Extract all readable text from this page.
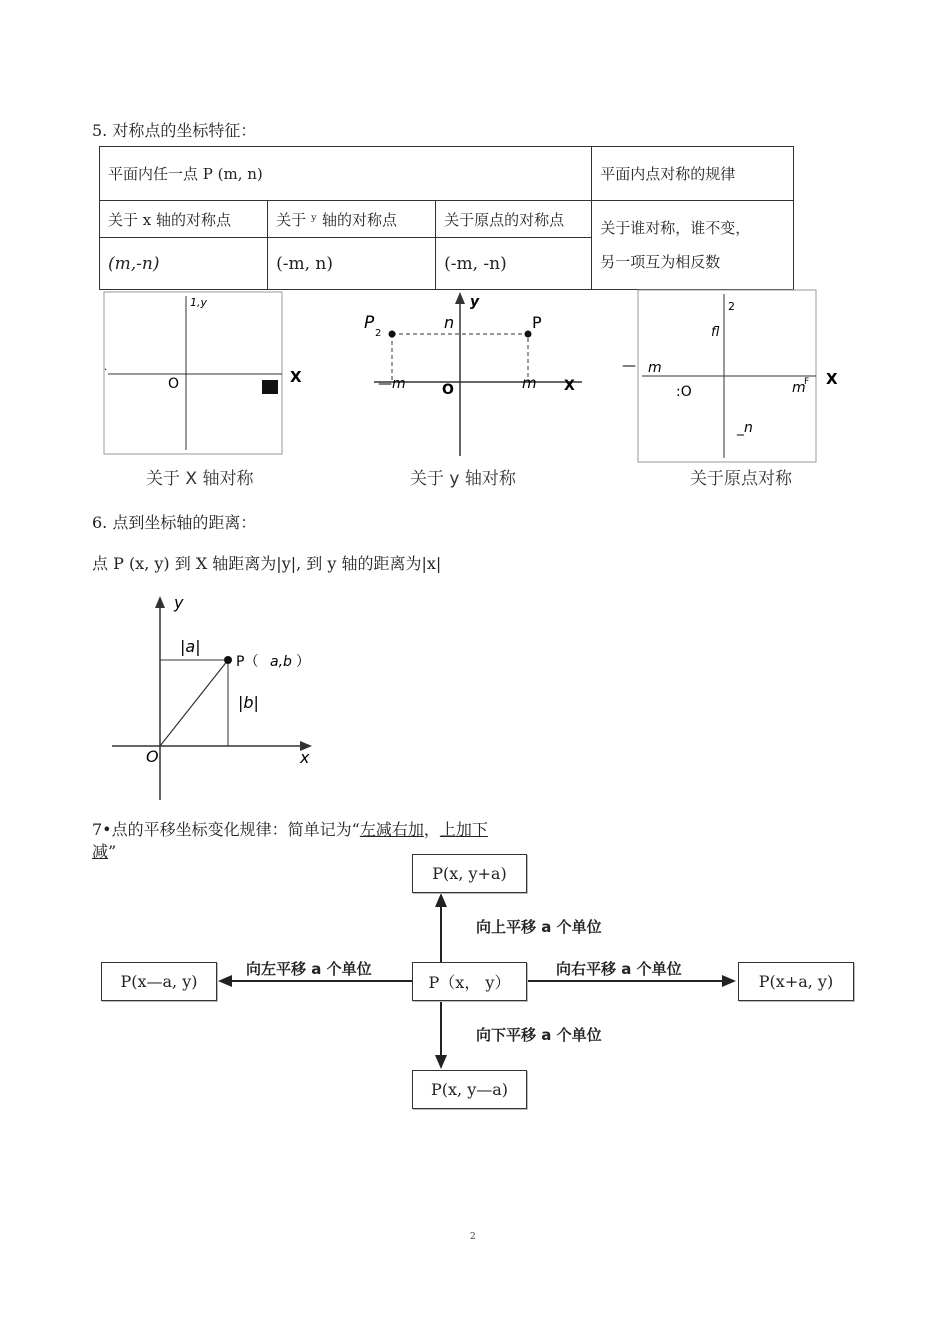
5. 对称点的坐标特征：
平面内任一点 P (m, n)			平面内点对称的规律
关于 x 轴的对称点	关于 ʸ 轴的对称点	关于原点的对称点	关于谁对称，谁不变，
另一项互为相反数

(m,-n)	(-m, n)	(-m, -n)	
1,y
O
.
X
关于 X 轴对称
y
P
2
n	P
—m	O	m X
关于 y 轴对称
2
fl
— m
:O	m
F X
_n
关于原点对称
6. 点到坐标轴的距离：
点 P (x, y) 到 X 轴距离为|y|, 到 y 轴的距离为|x|
y
|a|
P（ a,b ）
|b|
O	x
7•点的平移坐标变化规律：简单记为“左减右加，上加下
减”
P(x, y+a)
P（x， y）
P(x, y—a)
P(x—a, y)	P(x+a, y)
向上平移 a 个单位
向下平移 a 个单位
向左平移 a 个单位	向右平移 a 个单位
2
